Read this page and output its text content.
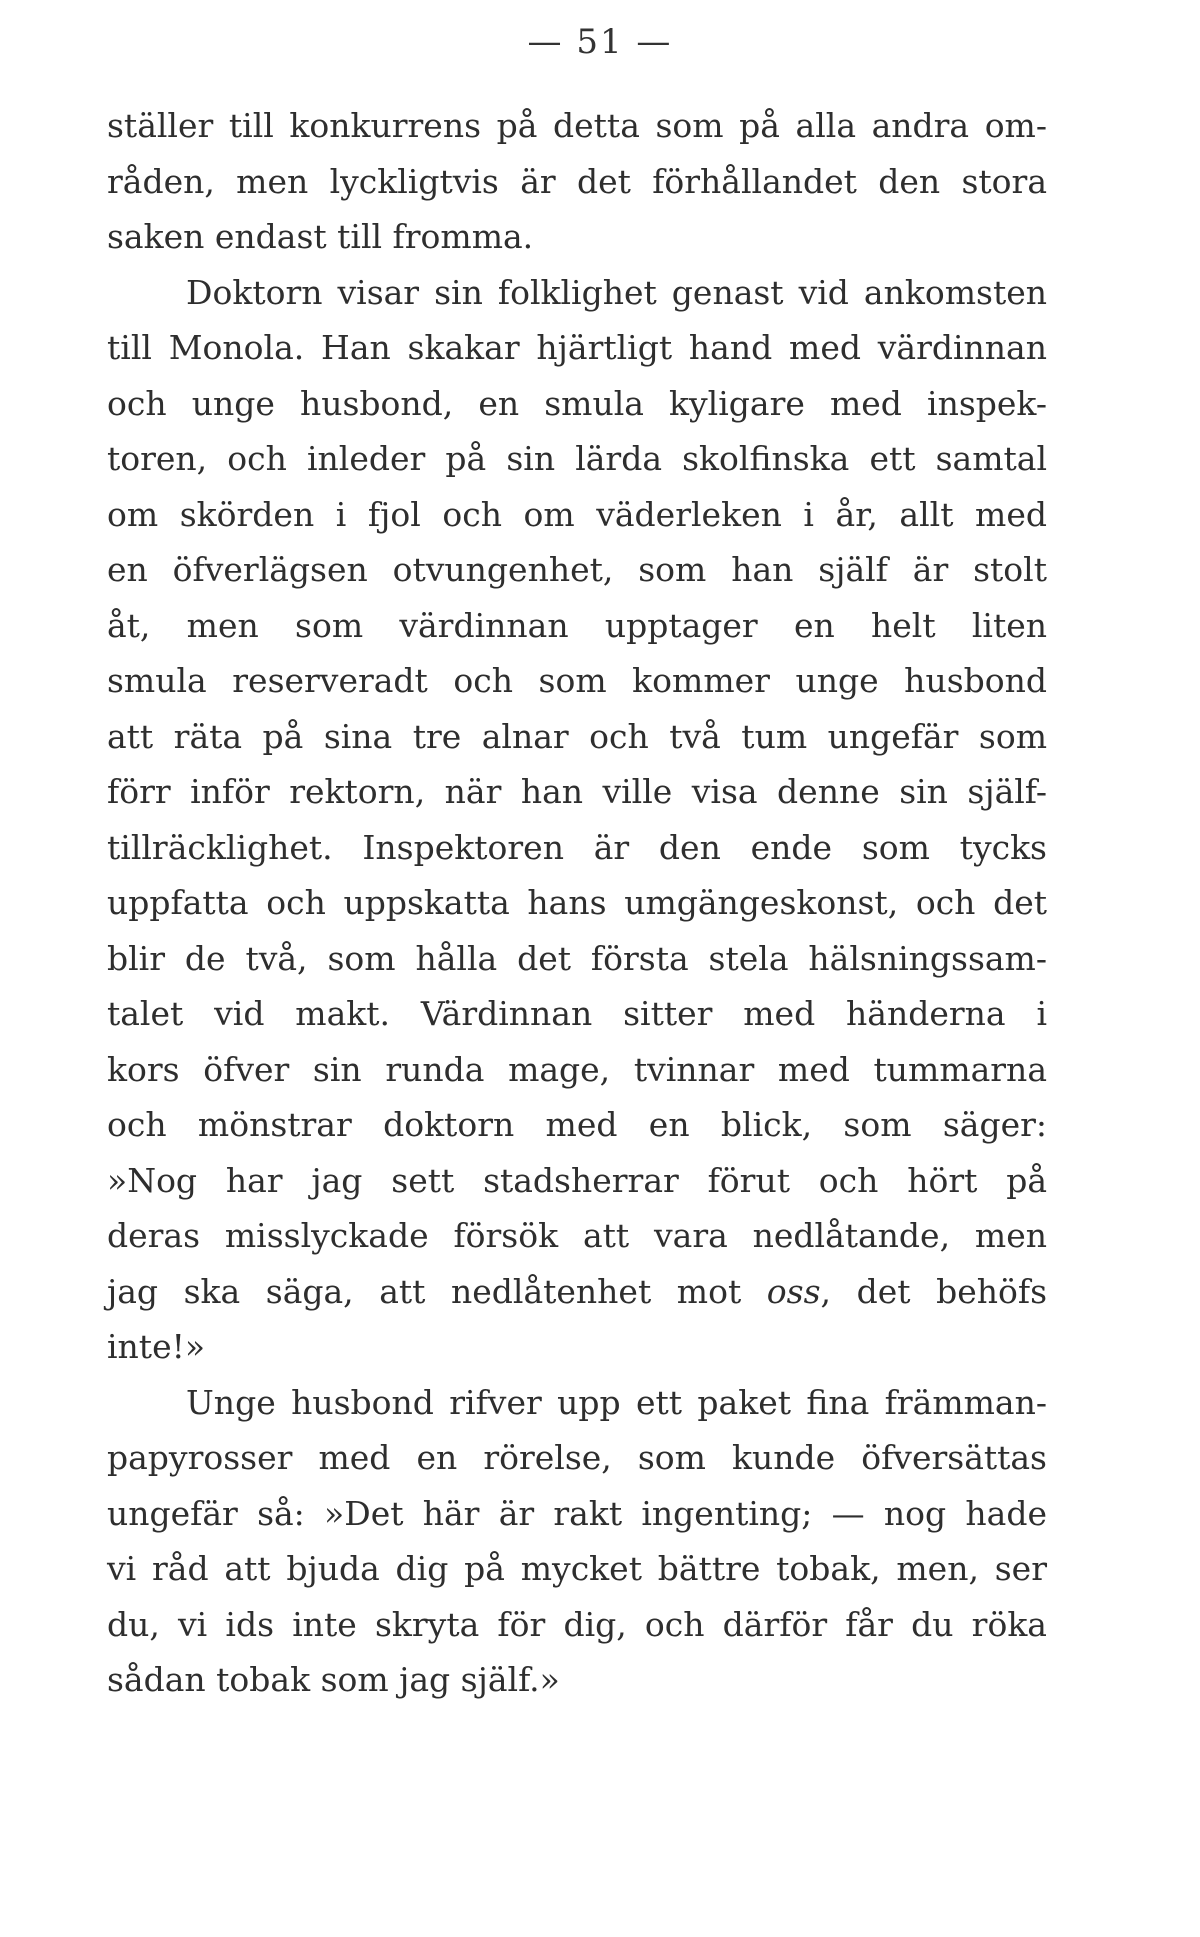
— 51 —
ställer till konkurrens på detta som på alla andra om-
råden, men lyckligtvis är det förhållandet den stora
saken endast till fromma.
Doktorn visar sin folklighet genast vid ankomsten
till Monola. Han skakar hjärtligt hand med värdinnan
och unge husbond, en smula kyligare med inspek-
toren, och inleder på sin lärda skolfinska ett samtal
om skörden i fjol och om väderleken i år, allt med
en öfverlägsen otvungenhet, som han själf är stolt
åt, men som värdinnan upptager en helt liten
smula reserveradt och som kommer unge husbond
att räta på sina tre alnar och två tum ungefär som
förr inför rektorn, när han ville visa denne sin själf-
tillräcklighet. Inspektoren är den ende som tycks
uppfatta och uppskatta hans umgängeskonst, och det
blir de två, som hålla det första stela hälsningssam-
talet vid makt. Värdinnan sitter med händerna i
kors öfver sin runda mage, tvinnar med tummarna
och mönstrar doktorn med en blick, som säger:
»Nog har jag sett stadsherrar förut och hört på
deras misslyckade försök att vara nedlåtande, men
jag ska säga, att nedlåtenhet mot oss, det behöfs
inte!»
Unge husbond rifver upp ett paket fina främman-
papyrosser med en rörelse, som kunde öfversättas
ungefär så: »Det här är rakt ingenting; — nog hade
vi råd att bjuda dig på mycket bättre tobak, men, ser
du, vi ids inte skryta för dig, och därför får du röka
sådan tobak som jag själf.»
